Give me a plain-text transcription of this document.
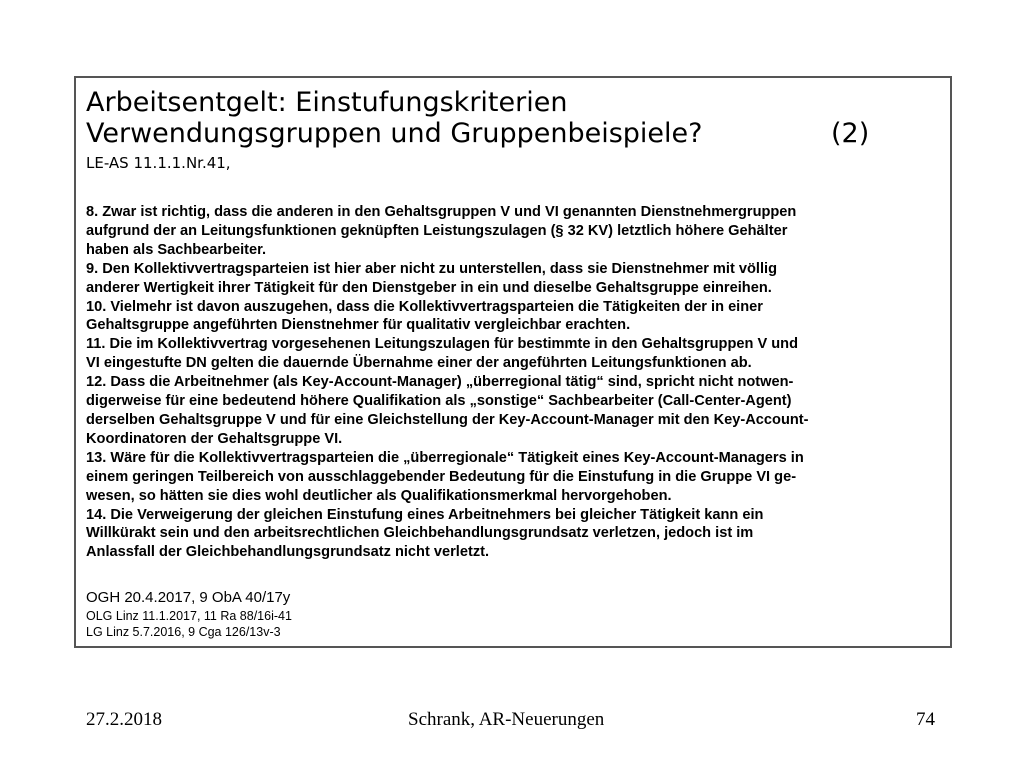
Arbeitsentgelt: Einstufungskriterien
Verwendungsgruppen und Gruppenbeispiele?	(2)
LE-AS 11.1.1.Nr.41,
8. Zwar ist richtig, dass die anderen in den Gehaltsgruppen V und VI genannten Dienstnehmergruppen
aufgrund der an Leitungsfunktionen geknüpften Leistungszulagen (§ 32 KV) letztlich höhere Gehälter
haben als Sachbearbeiter.
9. Den Kollektivvertragsparteien ist hier aber nicht zu unterstellen, dass sie Dienstnehmer mit völlig
anderer Wertigkeit ihrer Tätigkeit für den Dienstgeber in ein und dieselbe Gehaltsgruppe einreihen.
10. Vielmehr ist davon auszugehen, dass die Kollektivvertragsparteien die Tätigkeiten der in einer
Gehaltsgruppe angeführten Dienstnehmer für qualitativ vergleichbar erachten.
11. Die im Kollektivvertrag vorgesehenen Leitungszulagen für bestimmte in den Gehaltsgruppen V und
VI eingestufte DN gelten die dauernde Übernahme einer der angeführten Leitungsfunktionen ab.
12. Dass die Arbeitnehmer (als Key-Account-Manager) „überregional tätig“ sind, spricht nicht notwen-
digerweise für eine bedeutend höhere Qualifikation als „sonstige“ Sachbearbeiter (Call-Center-Agent)
derselben Gehaltsgruppe V und für eine Gleichstellung der Key-Account-Manager mit den Key-Account-
Koordinatoren der Gehaltsgruppe VI.
13. Wäre für die Kollektivvertragsparteien die „überregionale“ Tätigkeit eines Key-Account-Managers in
einem geringen Teilbereich von ausschlaggebender Bedeutung für die Einstufung in die Gruppe VI ge-
wesen, so hätten sie dies wohl deutlicher als Qualifikationsmerkmal hervorgehoben.
14. Die Verweigerung der gleichen Einstufung eines Arbeitnehmers bei gleicher Tätigkeit kann ein
Willkürakt sein und den arbeitsrechtlichen Gleichbehandlungsgrundsatz verletzen, jedoch ist im
Anlassfall der Gleichbehandlungsgrundsatz nicht verletzt.
OGH 20.4.2017, 9 ObA 40/17y
OLG Linz 11.1.2017, 11 Ra 88/16i-41
LG Linz 5.7.2016, 9 Cga 126/13v-3
27.2.2018	Schrank, AR-Neuerungen	74
